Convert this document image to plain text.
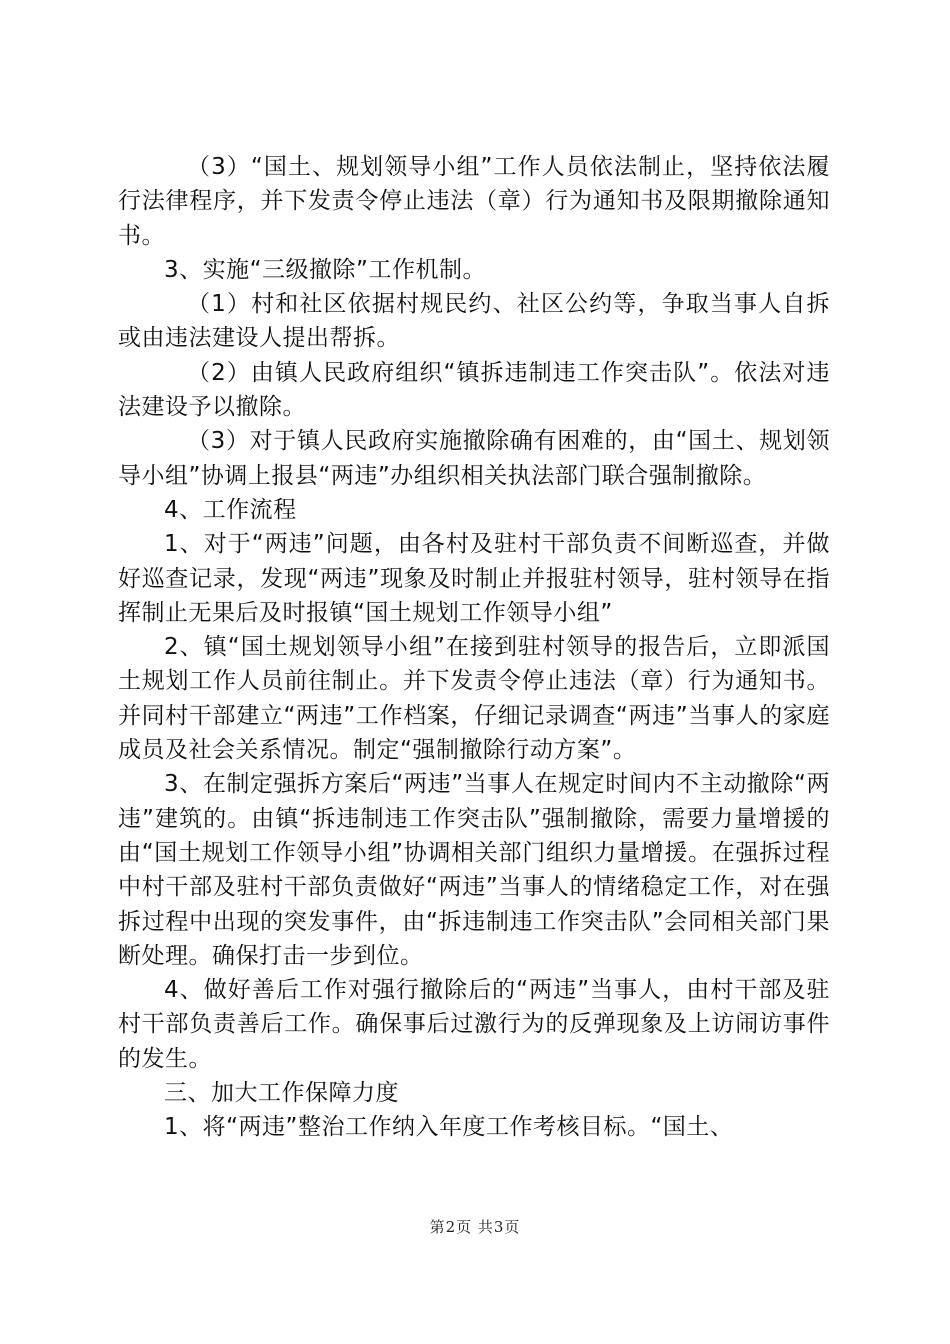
（3）“国土、规划领导小组”工作人员依法制止，坚持依法履行法律程序，并下发责令停止违法（章）行为通知书及限期撤除通知书。

3、实施“三级撤除”工作机制。

（1）村和社区依据村规民约、社区公约等，争取当事人自拆或由违法建设人提出帮拆。

（2）由镇人民政府组织“镇拆违制违工作突击队”。依法对违法建设予以撤除。

（3）对于镇人民政府实施撤除确有困难的，由“国土、规划领导小组”协调上报县“两违”办组织相关执法部门联合强制撤除。

4、工作流程

1、对于“两违”问题，由各村及驻村干部负责不间断巡查，并做好巡查记录，发现“两违”现象及时制止并报驻村领导，驻村领导在指挥制止无果后及时报镇“国土规划工作领导小组”

2、镇“国土规划领导小组”在接到驻村领导的报告后，立即派国土规划工作人员前往制止。并下发责令停止违法（章）行为通知书。并同村干部建立“两违”工作档案，仔细记录调查“两违”当事人的家庭成员及社会关系情况。制定“强制撤除行动方案”。

3、在制定强拆方案后“两违”当事人在规定时间内不主动撤除“两违”建筑的。由镇“拆违制违工作突击队”强制撤除，需要力量增援的由“国土规划工作领导小组”协调相关部门组织力量增援。在强拆过程中村干部及驻村干部负责做好“两违”当事人的情绪稳定工作，对在强拆过程中出现的突发事件，由“拆违制违工作突击队”会同相关部门果断处理。确保打击一步到位。

4、做好善后工作对强行撤除后的“两违”当事人，由村干部及驻村干部负责善后工作。确保事后过激行为的反弹现象及上访闹访事件的发生。

三、加大工作保障力度

1、将“两违”整治工作纳入年度工作考核目标。“国土、

第2页 共3页
